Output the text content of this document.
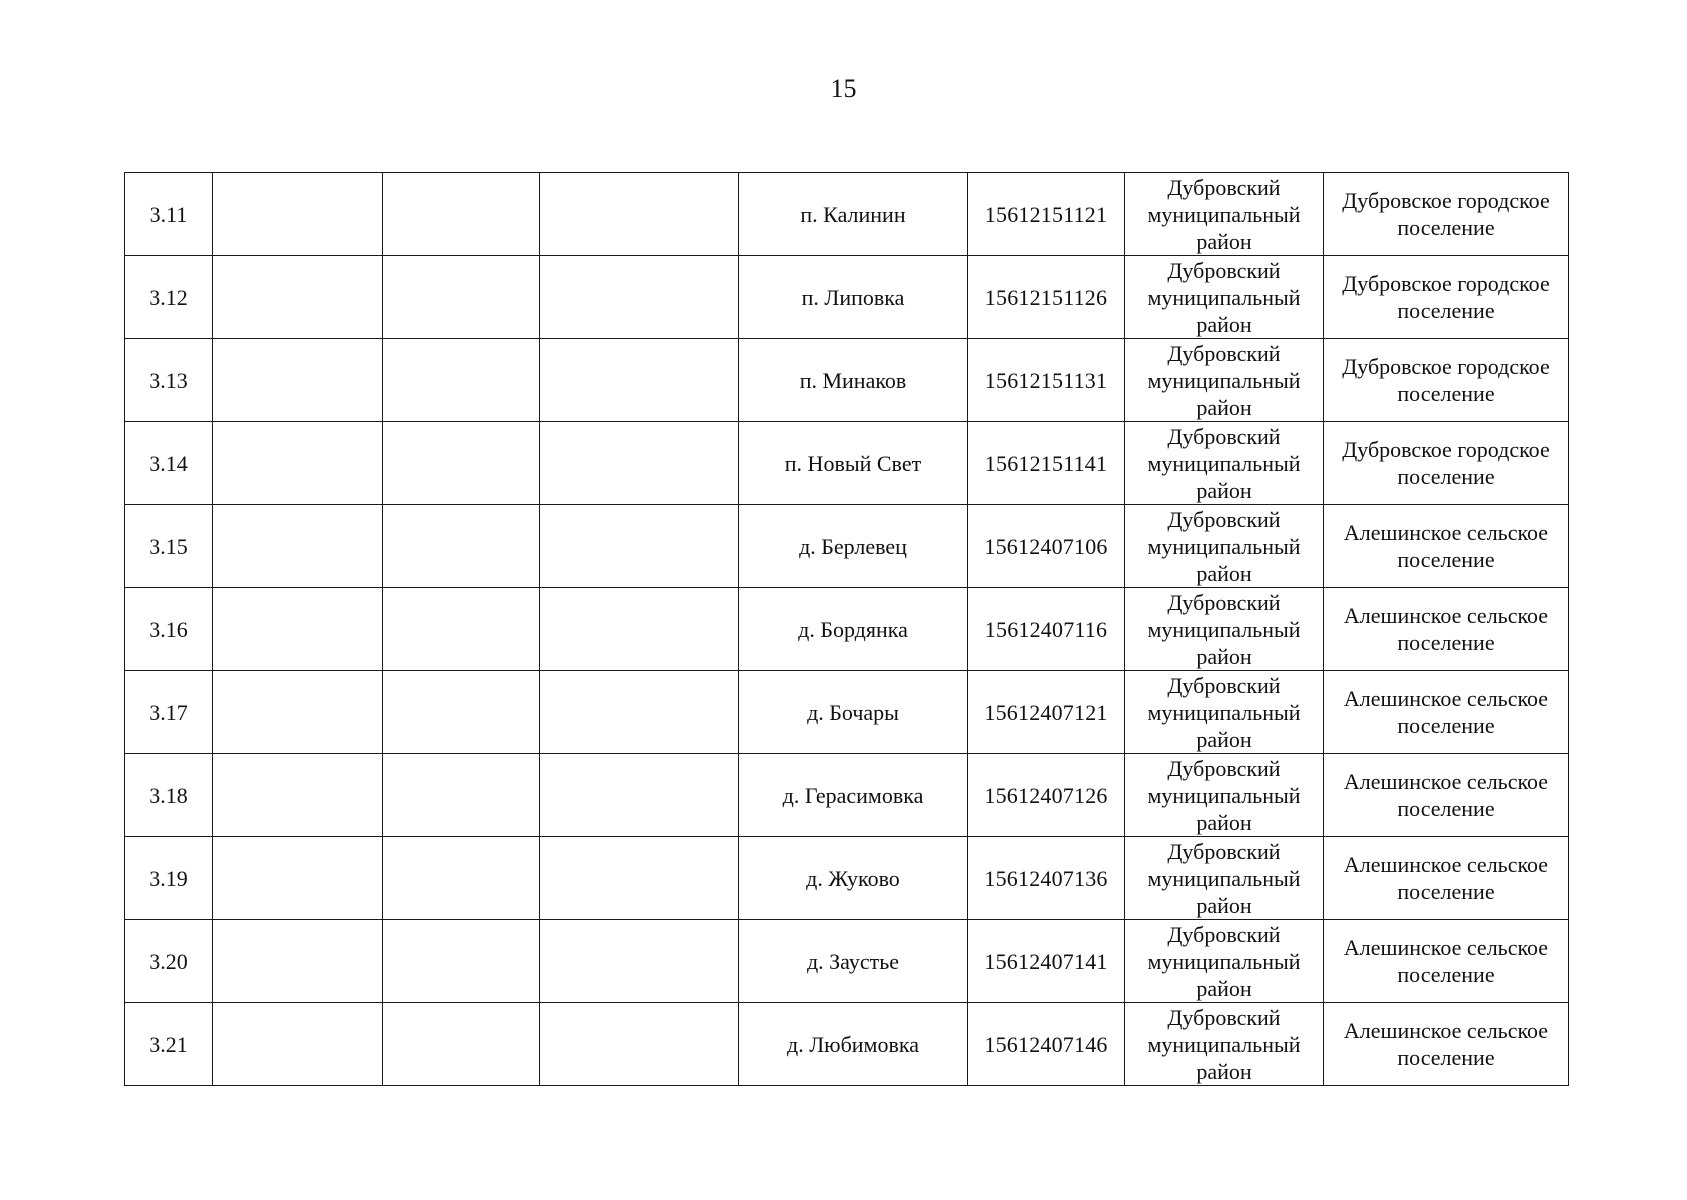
15
3.11				п. Калинин	15612151121	Дубровский муниципальный район	Дубровское городское поселение
3.12				п. Липовка	15612151126	Дубровский муниципальный район	Дубровское городское поселение
3.13				п. Минаков	15612151131	Дубровский муниципальный район	Дубровское городское поселение
3.14				п. Новый Свет	15612151141	Дубровский муниципальный район	Дубровское городское поселение
3.15				д. Берлевец	15612407106	Дубровский муниципальный район	Алешинское сельское поселение
3.16				д. Бордянка	15612407116	Дубровский муниципальный район	Алешинское сельское поселение
3.17				д. Бочары	15612407121	Дубровский муниципальный район	Алешинское сельское поселение
3.18				д. Герасимовка	15612407126	Дубровский муниципальный район	Алешинское сельское поселение
3.19				д. Жуково	15612407136	Дубровский муниципальный район	Алешинское сельское поселение
3.20				д. Заустье	15612407141	Дубровский муниципальный район	Алешинское сельское поселение
3.21				д. Любимовка	15612407146	Дубровский муниципальный район	Алешинское сельское поселение
